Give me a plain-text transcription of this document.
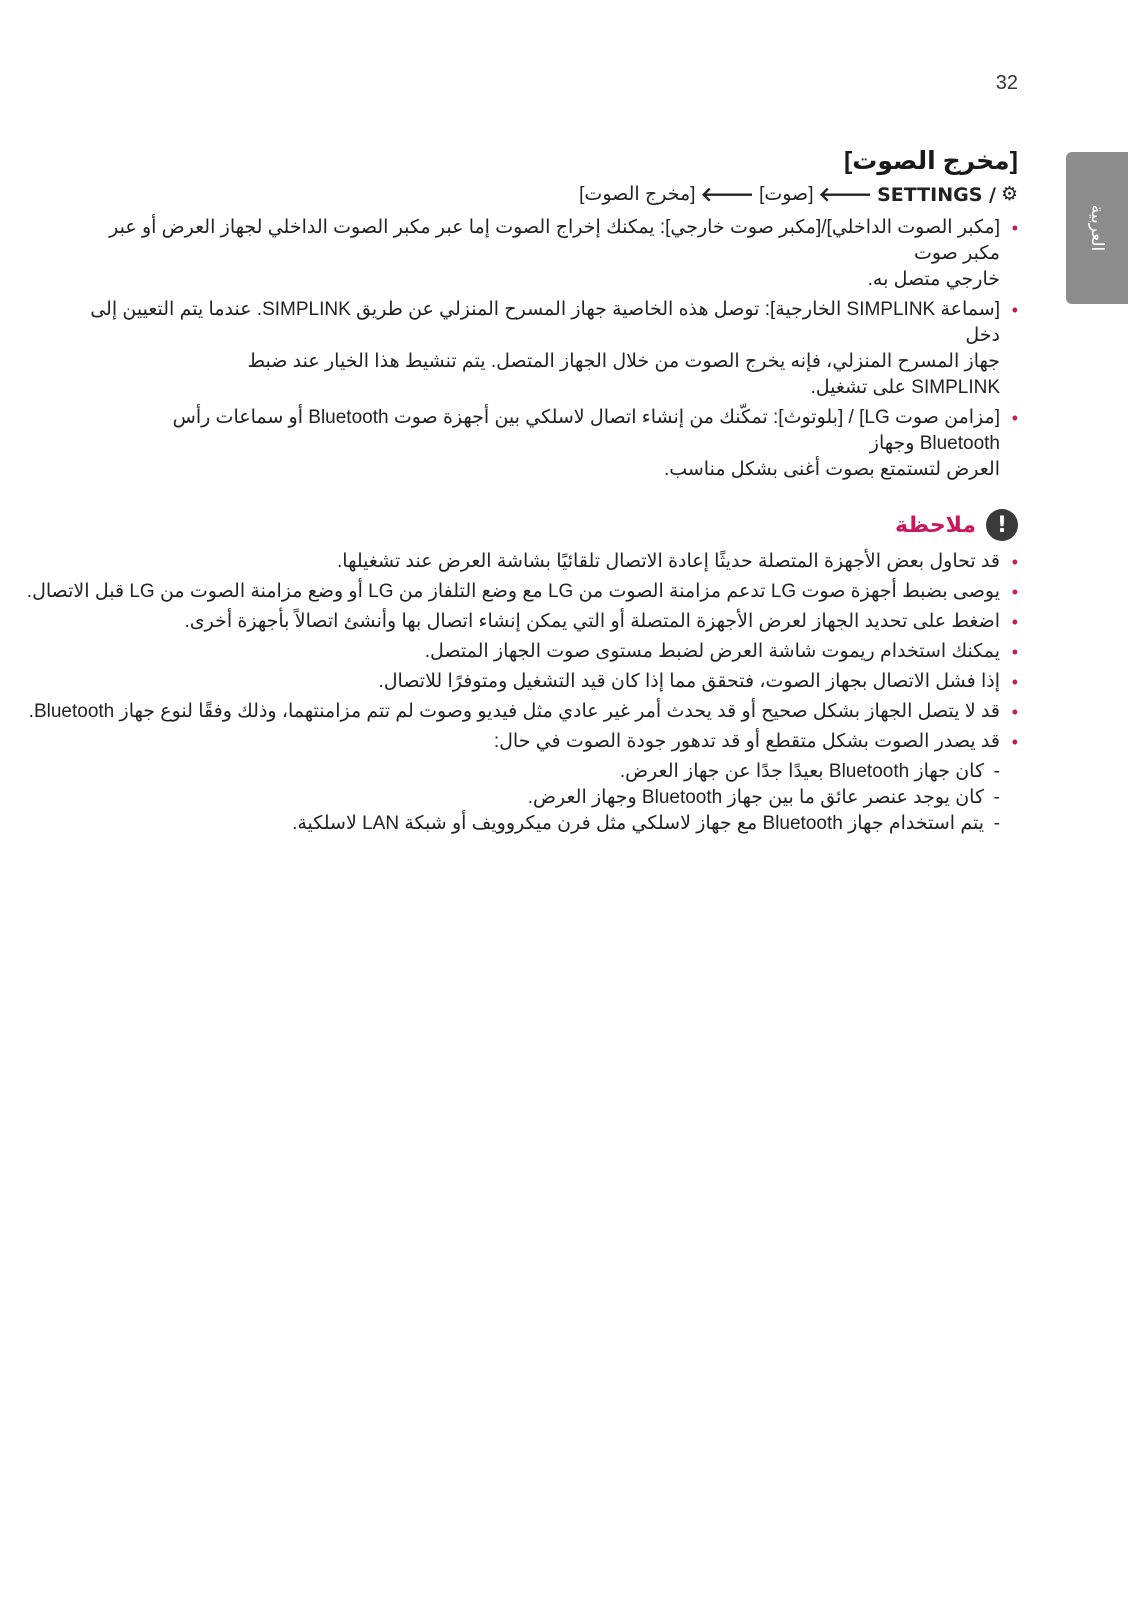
32
العربية
[مخرج الصوت]
⚙
SETTINGS /
🡐
[صوت]
🡐
[مخرج الصوت]
•
[مكبر الصوت الداخلي]/[مكبر صوت خارجي]: يمكنك إخراج الصوت إما عبر مكبر الصوت الداخلي لجهاز العرض أو عبر مكبر صوت
خارجي متصل به.
•
[سماعة SIMPLINK الخارجية]: توصل هذه الخاصية جهاز المسرح المنزلي عن طريق SIMPLINK. عندما يتم التعيين إلى دخل
جهاز المسرح المنزلي، فإنه يخرج الصوت من خلال الجهاز المتصل. يتم تنشيط هذا الخيار عند ضبط
SIMPLINK على تشغيل.
•
[مزامن صوت LG] / [بلوتوث]: تمكّنك من إنشاء اتصال لاسلكي بين أجهزة صوت Bluetooth أو سماعات رأس Bluetooth وجهاز
العرض لتستمتع بصوت أغنى بشكل مناسب.
!
ملاحظة
•
قد تحاول بعض الأجهزة المتصلة حديثًا إعادة الاتصال تلقائيًا بشاشة العرض عند تشغيلها.
•
يوصى بضبط أجهزة صوت LG تدعم مزامنة الصوت من LG مع وضع التلفاز من LG أو وضع مزامنة الصوت من LG قبل الاتصال.
•
اضغط على تحديد الجهاز لعرض الأجهزة المتصلة أو التي يمكن إنشاء اتصال بها وأنشئ اتصالاً بأجهزة أخرى.
•
يمكنك استخدام ريموت شاشة العرض لضبط مستوى صوت الجهاز المتصل.
•
إذا فشل الاتصال بجهاز الصوت، فتحقق مما إذا كان قيد التشغيل ومتوفرًا للاتصال.
•
قد لا يتصل الجهاز بشكل صحيح أو قد يحدث أمر غير عادي مثل فيديو وصوت لم تتم مزامنتهما، وذلك وفقًا لنوع جهاز Bluetooth.
•
قد يصدر الصوت بشكل متقطع أو قد تدهور جودة الصوت في حال:
-
كان جهاز Bluetooth بعيدًا جدًا عن جهاز العرض.
-
كان يوجد عنصر عائق ما بين جهاز Bluetooth وجهاز العرض.
-
يتم استخدام جهاز Bluetooth مع جهاز لاسلكي مثل فرن ميكروويف أو شبكة LAN لاسلكية.
